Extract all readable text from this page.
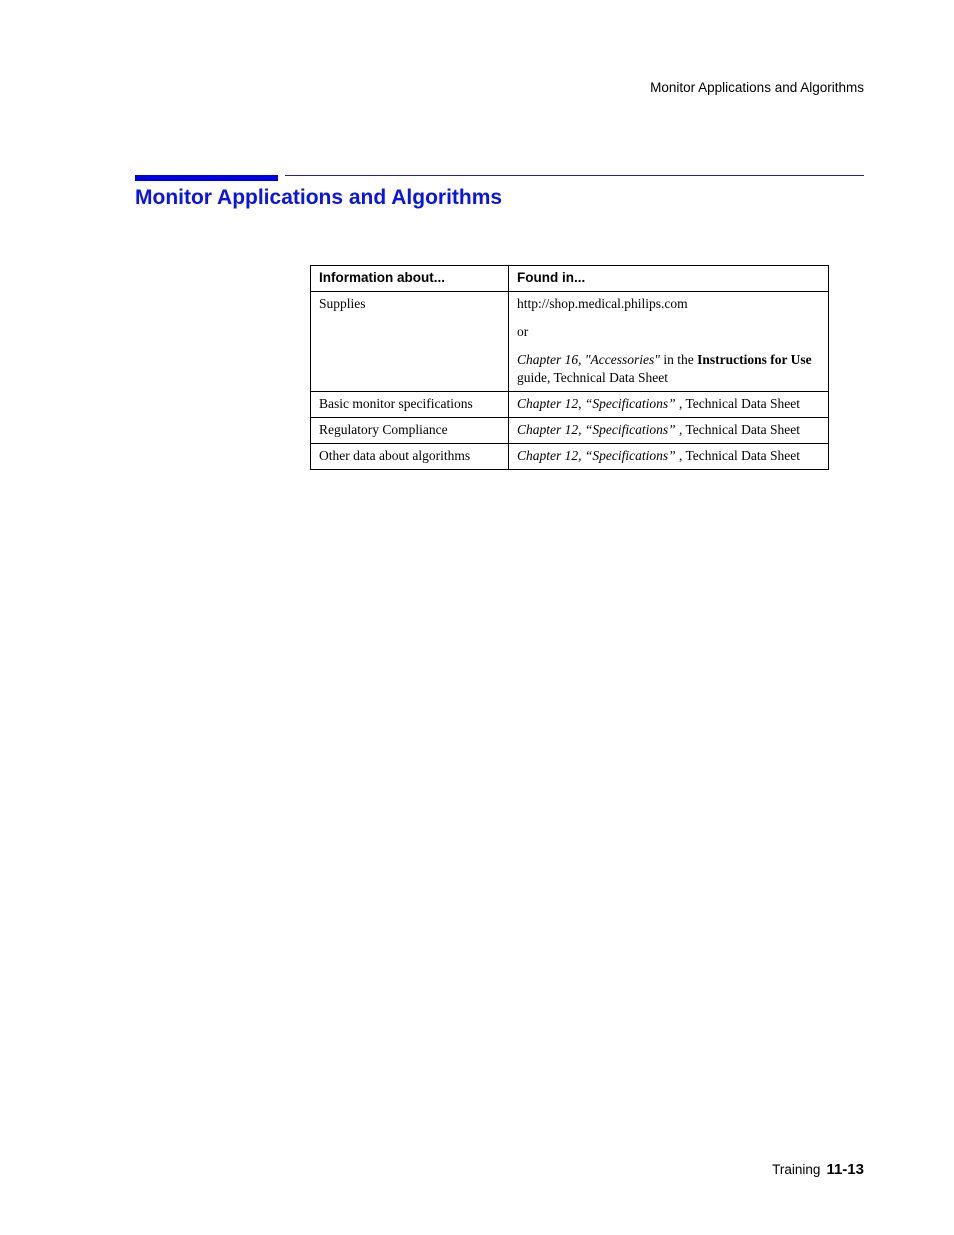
Monitor Applications and Algorithms
Monitor Applications and Algorithms
Information about...	Found in...
Supplies	http://shop.medical.philips.com

or

Chapter 16, "Accessories" in the Instructions for Use guide, Technical Data Sheet

Basic monitor specifications	Chapter 12, “Specifications” , Technical Data Sheet
Regulatory Compliance	Chapter 12, “Specifications” , Technical Data Sheet
Other data about algorithms	Chapter 12, “Specifications” , Technical Data Sheet
Training 11-13
